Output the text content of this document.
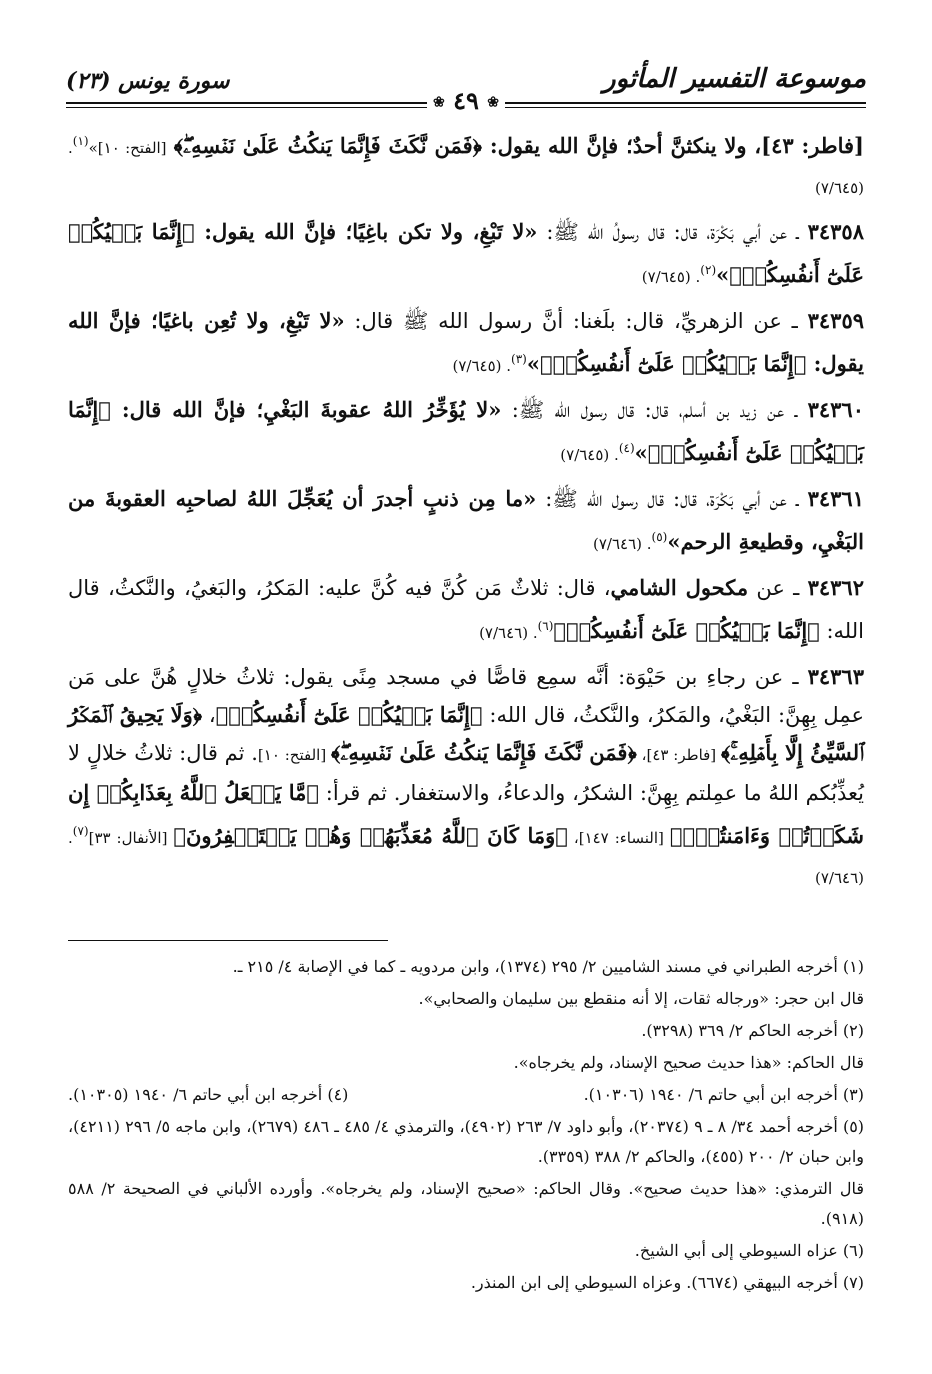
موسوعة التفسير المأثور
سورة يونس (٢٣)
❀ ٤٩ ❀

[فاطر: ٤٣]، ولا ينكثنَّ أحدٌ؛ فإنَّ الله يقول: ﴿فَمَن نَّكَثَ فَإِنَّمَا يَنكُثُ عَلَىٰ نَفۡسِهِۦۖ﴾ [الفتح: ١٠]»$^{(١)}$. (٧/٦٤٥)

٣٤٣٥٨ ـ عن أبي بَكْرَة، قال: قال رسولُ الله ﷺ: «لا تَبْغِ، ولا تكن باغِيًا؛ فإنَّ الله يقول: ﴿إِنَّمَا بَغۡيُكُمۡ عَلَىٰٓ أَنفُسِكُمۖ﴾»$^{(٢)}$. (٧/٦٤٥)

٣٤٣٥٩ ـ عن الزهريِّ، قال: بلَغنا: أنَّ رسول الله ﷺ قال: «لا تَبْغِ، ولا تُعِن باغيًا؛ فإنَّ الله يقول: ﴿إِنَّمَا بَغۡيُكُمۡ عَلَىٰٓ أَنفُسِكُمۖ﴾»$^{(٣)}$. (٧/٦٤٥)

٣٤٣٦٠ ـ عن زيد بن أسلم، قال: قال رسول الله ﷺ: «لا يُؤَخِّرُ اللهُ عقوبةَ البَغْيِ؛ فإنَّ الله قال: ﴿إِنَّمَا بَغۡيُكُمۡ عَلَىٰٓ أَنفُسِكُمۖ﴾»$^{(٤)}$. (٧/٦٤٥)

٣٤٣٦١ ـ عن أبي بَكْرَة، قال: قال رسول الله ﷺ: «ما مِن ذنبٍ أجدرَ أن يُعَجِّلَ اللهُ لصاحبِه العقوبةَ من البَغْيِ، وقطيعةِ الرحم»$^{(٥)}$. (٧/٦٤٦)

٣٤٣٦٢ ـ عن مكحول الشامي، قال: ثلاثٌ مَن كُنَّ فيه كُنَّ عليه: المَكرُ، والبَغيُ، والنَّكثُ، قال الله: ﴿إِنَّمَا بَغۡيُكُمۡ عَلَىٰٓ أَنفُسِكُمۖ﴾$^{(٦)}$. (٧/٦٤٦)

٣٤٣٦٣ ـ عن رجاءِ بن حَيْوَة: أنَّه سمِع قاصًّا في مسجد مِنًى يقول: ثلاثُ خلالٍ هُنَّ على مَن عمِل بِهِنَّ: البَغْيُ، والمَكرُ، والنَّكثُ، قال الله: ﴿إِنَّمَا بَغۡيُكُمۡ عَلَىٰٓ أَنفُسِكُمۖ﴾، ﴿وَلَا يَحِيقُ ٱلۡمَكۡرُ ٱلسَّيِّئُ إِلَّا بِأَهۡلِهِۦۚ﴾ [فاطر: ٤٣]، ﴿فَمَن نَّكَثَ فَإِنَّمَا يَنكُثُ عَلَىٰ نَفۡسِهِۦۖ﴾ [الفتح: ١٠]. ثم قال: ثلاثُ خلالٍ لا يُعذِّبُكم اللهُ ما عمِلتم بِهِنَّ: الشكرُ، والدعاءُ، والاستغفار. ثم قرأ: ﴿مَّا يَفۡعَلُ ٱللَّهُ بِعَذَابِكُمۡ إِن شَكَرۡتُمۡ وَءَامَنتُمۡۚ﴾ [النساء: ١٤٧]، ﴿وَمَا كَانَ ٱللَّهُ مُعَذِّبَهُمۡ وَهُمۡ يَسۡتَغۡفِرُونَ﴾ [الأنفال: ٣٣]$^{(٧)}$. (٧/٦٤٦)

(١) أخرجه الطبراني في مسند الشاميين ٢/ ٢٩٥ (١٣٧٤)، وابن مردويه ـ كما في الإصابة ٤/ ٢١٥ ـ.

قال ابن حجر: «ورجاله ثقات، إلا أنه منقطع بين سليمان والصحابي».

(٢) أخرجه الحاكم ٢/ ٣٦٩ (٣٢٩٨).

قال الحاكم: «هذا حديث صحيح الإسناد، ولم يخرجاه».

(٣) أخرجه ابن أبي حاتم ٦/ ١٩٤٠ (١٠٣٠٦).
(٤) أخرجه ابن أبي حاتم ٦/ ١٩٤٠ (١٠٣٠٥).

(٥) أخرجه أحمد ٣٤/ ٨ ـ ٩ (٢٠٣٧٤)، وأبو داود ٧/ ٢٦٣ (٤٩٠٢)، والترمذي ٤/ ٤٨٥ ـ ٤٨٦ (٢٦٧٩)، وابن ماجه ٥/ ٢٩٦ (٤٢١١)، وابن حبان ٢/ ٢٠٠ (٤٥٥)، والحاكم ٢/ ٣٨٨ (٣٣٥٩).

قال الترمذي: «هذا حديث صحيح». وقال الحاكم: «صحيح الإسناد، ولم يخرجاه». وأورده الألباني في الصحيحة ٢/ ٥٨٨ (٩١٨).

(٦) عزاه السيوطي إلى أبي الشيخ.

(٧) أخرجه البيهقي (٦٦٧٤). وعزاه السيوطي إلى ابن المنذر.
